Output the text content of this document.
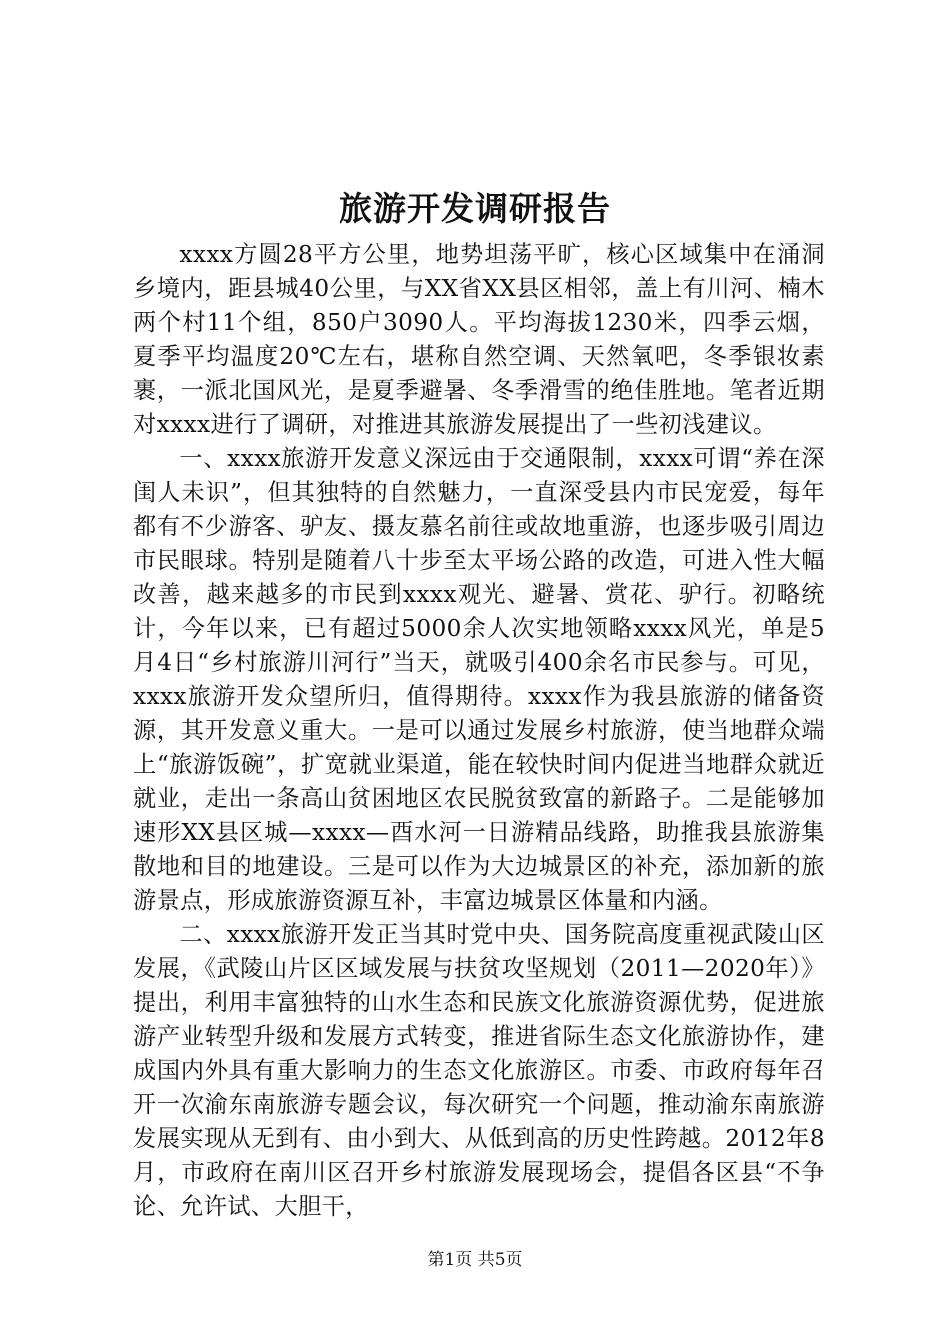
旅游开发调研报告

xxxx方圆28平方公里，地势坦荡平旷，核心区域集中在涌洞乡境内，距县城40公里，与XX省XX县区相邻，盖上有川河、楠木两个村11个组，850户3090人。平均海拔1230米，四季云烟，夏季平均温度20℃左右，堪称自然空调、天然氧吧，冬季银妆素裹，一派北国风光，是夏季避暑、冬季滑雪的绝佳胜地。笔者近期对xxxx进行了调研，对推进其旅游发展提出了一些初浅建议。

一、xxxx旅游开发意义深远由于交通限制，xxxx可谓“养在深闺人未识”，但其独特的自然魅力，一直深受县内市民宠爱，每年都有不少游客、驴友、摄友慕名前往或故地重游，也逐步吸引周边市民眼球。特别是随着八十步至太平场公路的改造，可进入性大幅改善，越来越多的市民到xxxx观光、避暑、赏花、驴行。初略统计，今年以来，已有超过5000余人次实地领略xxxx风光，单是5月4日“乡村旅游川河行”当天，就吸引400余名市民参与。可见，xxxx旅游开发众望所归，值得期待。xxxx作为我县旅游的储备资源，其开发意义重大。一是可以通过发展乡村旅游，使当地群众端上“旅游饭碗”，扩宽就业渠道，能在较快时间内促进当地群众就近就业，走出一条高山贫困地区农民脱贫致富的新路子。二是能够加速形XX县区城—xxxx—酉水河一日游精品线路，助推我县旅游集散地和目的地建设。三是可以作为大边城景区的补充，添加新的旅游景点，形成旅游资源互补，丰富边城景区体量和内涵。

二、xxxx旅游开发正当其时党中央、国务院高度重视武陵山区发展，《武陵山片区区域发展与扶贫攻坚规划（2011—2020年）》提出，利用丰富独特的山水生态和民族文化旅游资源优势，促进旅游产业转型升级和发展方式转变，推进省际生态文化旅游协作，建成国内外具有重大影响力的生态文化旅游区。市委、市政府每年召开一次渝东南旅游专题会议，每次研究一个问题，推动渝东南旅游发展实现从无到有、由小到大、从低到高的历史性跨越。2012年8月，市政府在南川区召开乡村旅游发展现场会，提倡各区县“不争论、允许试、大胆干，

第1页 共5页
